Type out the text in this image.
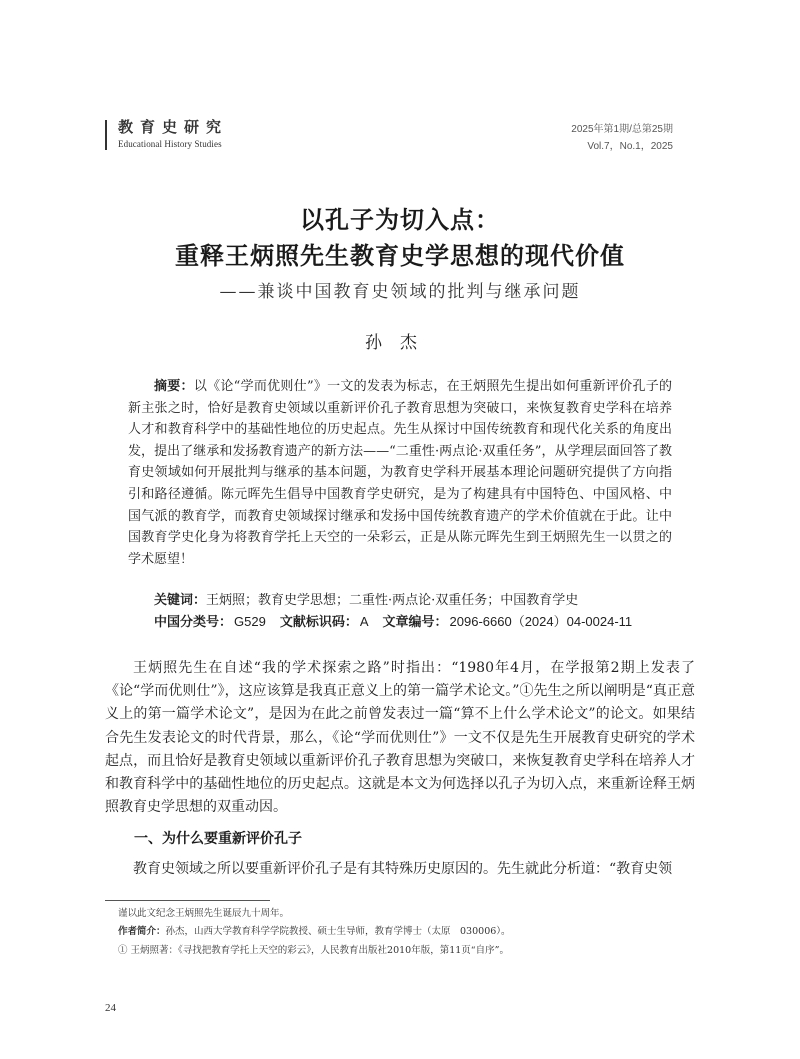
教育史研究
Educational History Studies
2025年第1期/总第25期
Vol.7，No.1，2025
以孔子为切入点：
重释王炳照先生教育史学思想的现代价值
——兼谈中国教育史领域的批判与继承问题
孙杰

摘要：以《论“学而优则仕”》一文的发表为标志，在王炳照先生提出如何重新评价孔子的新主张之时，恰好是教育史领域以重新评价孔子教育思想为突破口，来恢复教育史学科在培养人才和教育科学中的基础性地位的历史起点。先生从探讨中国传统教育和现代化关系的角度出发，提出了继承和发扬教育遗产的新方法——“二重性·两点论·双重任务”，从学理层面回答了教育史领域如何开展批判与继承的基本问题，为教育史学科开展基本理论问题研究提供了方向指引和路径遵循。陈元晖先生倡导中国教育学史研究，是为了构建具有中国特色、中国风格、中国气派的教育学，而教育史领域探讨继承和发扬中国传统教育遗产的学术价值就在于此。让中国教育学史化身为将教育学托上天空的一朵彩云，正是从陈元晖先生到王炳照先生一以贯之的学术愿望！

关键词：王炳照；教育史学思想；二重性·两点论·双重任务；中国教育学史
中国分类号： G529 文献标识码： A 文章编号： 2096-6660（2024）04-0024-11

王炳照先生在自述“我的学术探索之路”时指出：“1980年4月，在学报第2期上发表了《论“学而优则仕”》，这应该算是我真正意义上的第一篇学术论文。”①先生之所以阐明是“真正意义上的第一篇学术论文”，是因为在此之前曾发表过一篇“算不上什么学术论文”的论文。如果结合先生发表论文的时代背景，那么，《论“学而优则仕”》一文不仅是先生开展教育史研究的学术起点，而且恰好是教育史领域以重新评价孔子教育思想为突破口，来恢复教育史学科在培养人才和教育科学中的基础性地位的历史起点。这就是本文为何选择以孔子为切入点，来重新诠释王炳照教育史学思想的双重动因。

一、为什么要重新评价孔子

教育史领域之所以要重新评价孔子是有其特殊历史原因的。先生就此分析道：“教育史领

谨以此文纪念王炳照先生诞辰九十周年。
作者简介：孙杰，山西大学教育科学学院教授、硕士生导师，教育学博士（太原　030006）。
① 王炳照著：《寻找把教育学托上天空的彩云》，人民教育出版社2010年版，第11页“自序”。
24
